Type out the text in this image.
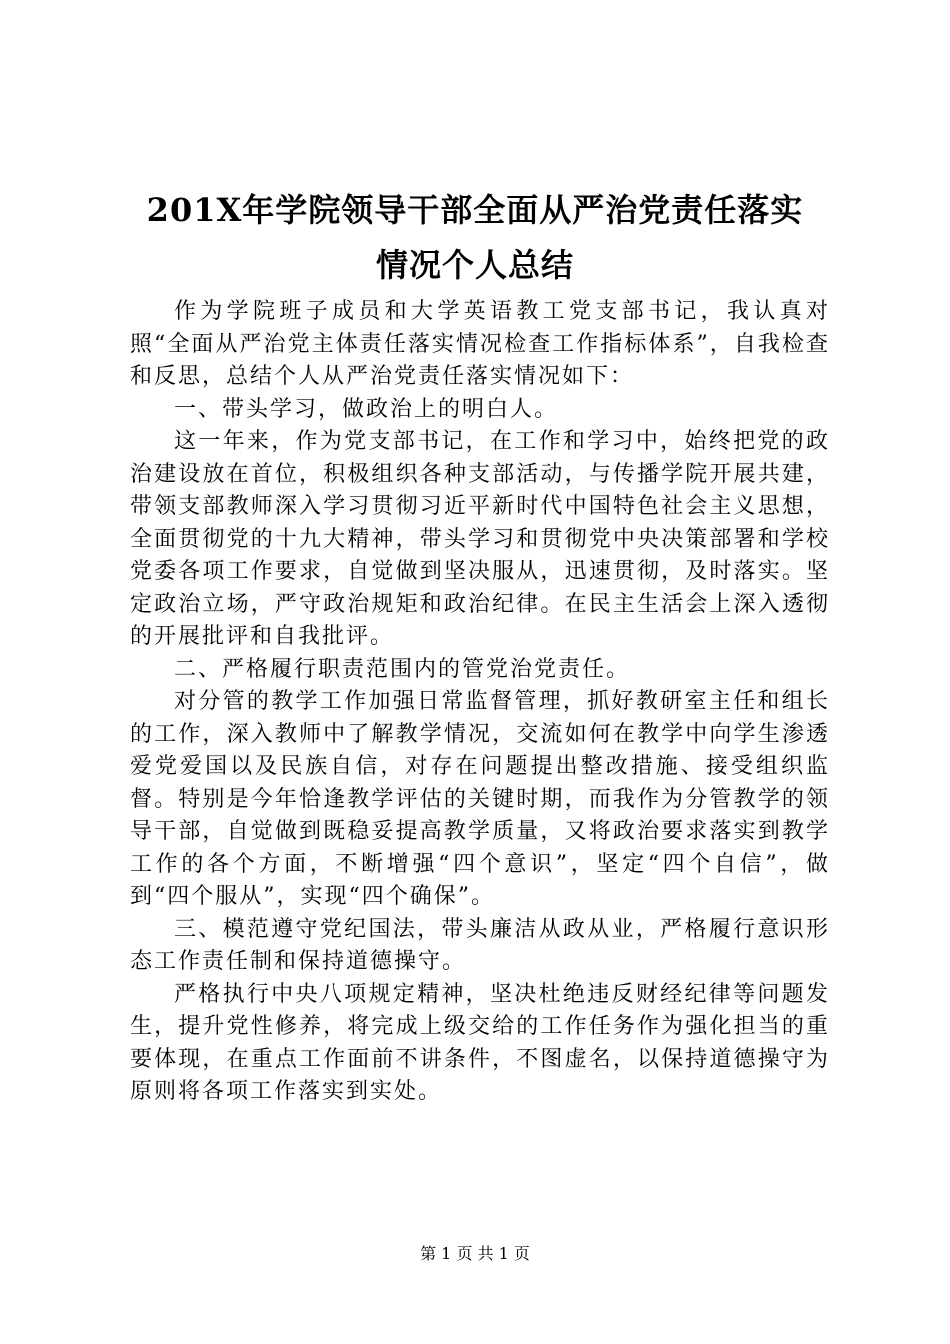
201X年学院领导干部全面从严治党责任落实
情况个人总结

作为学院班子成员和大学英语教工党支部书记，我认真对照“全面从严治党主体责任落实情况检查工作指标体系”，自我检查和反思，总结个人从严治党责任落实情况如下：

一、带头学习，做政治上的明白人。

这一年来，作为党支部书记，在工作和学习中，始终把党的政治建设放在首位，积极组织各种支部活动，与传播学院开展共建，带领支部教师深入学习贯彻习近平新时代中国特色社会主义思想，全面贯彻党的十九大精神，带头学习和贯彻党中央决策部署和学校党委各项工作要求，自觉做到坚决服从，迅速贯彻，及时落实。坚定政治立场，严守政治规矩和政治纪律。在民主生活会上深入透彻的开展批评和自我批评。

二、严格履行职责范围内的管党治党责任。

对分管的教学工作加强日常监督管理，抓好教研室主任和组长的工作，深入教师中了解教学情况，交流如何在教学中向学生渗透爱党爱国以及民族自信，对存在问题提出整改措施、接受组织监督。特别是今年恰逢教学评估的关键时期，而我作为分管教学的领导干部，自觉做到既稳妥提高教学质量，又将政治要求落实到教学工作的各个方面，不断增强“四个意识”，坚定“四个自信”，做到“四个服从”，实现“四个确保”。

三、模范遵守党纪国法，带头廉洁从政从业，严格履行意识形态工作责任制和保持道德操守。

严格执行中央八项规定精神，坚决杜绝违反财经纪律等问题发生，提升党性修养，将完成上级交给的工作任务作为强化担当的重要体现，在重点工作面前不讲条件，不图虚名，以保持道德操守为原则将各项工作落实到实处。

第 1 页 共 1 页
